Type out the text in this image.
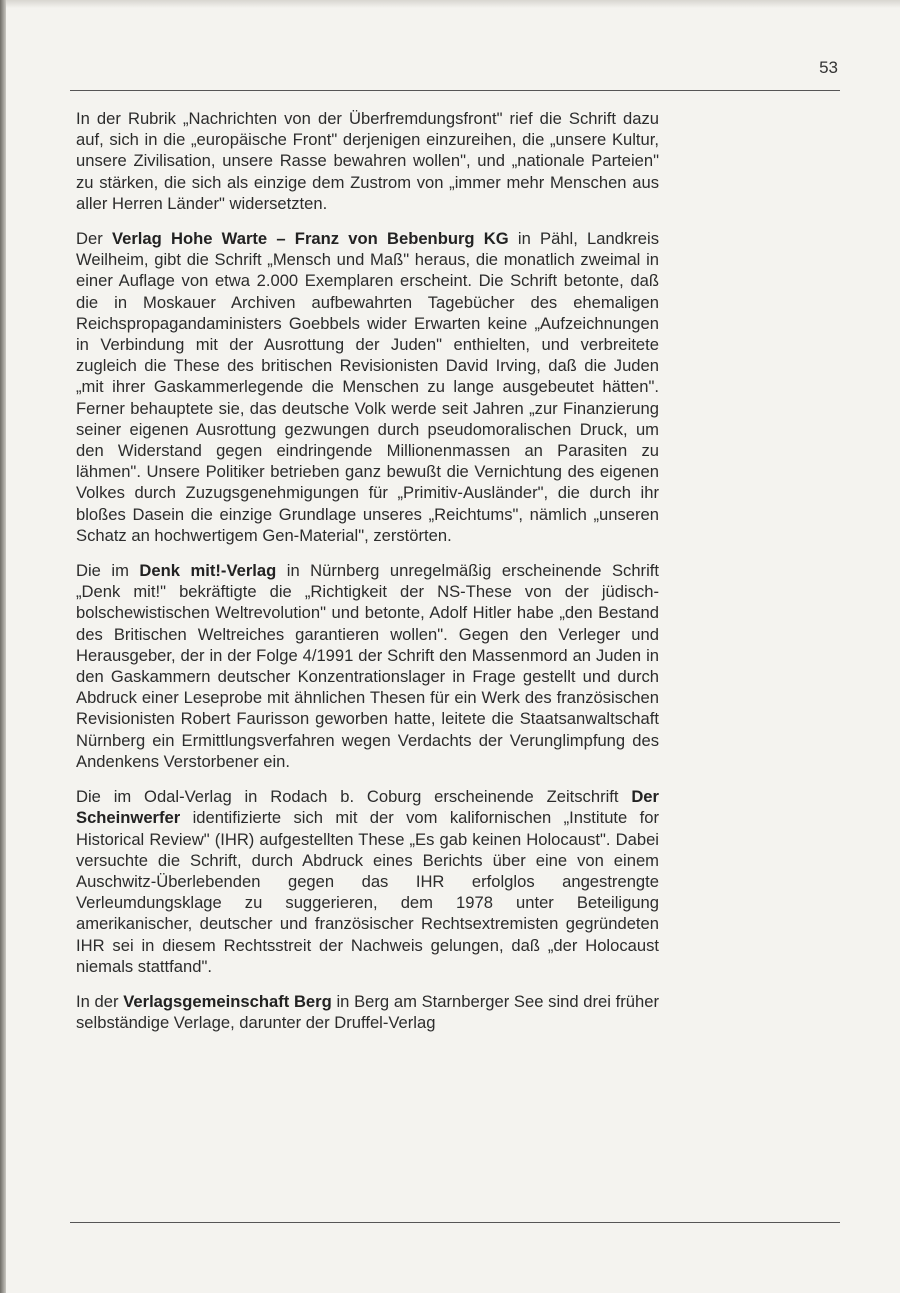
53

In der Rubrik „Nachrichten von der Überfremdungsfront" rief die Schrift dazu auf, sich in die „europäische Front" derjenigen einzureihen, die „unsere Kultur, unsere Zivilisation, unsere Rasse bewahren wollen", und „nationale Parteien" zu stärken, die sich als einzige dem Zustrom von „immer mehr Menschen aus aller Herren Länder" widersetzten.

Der Verlag Hohe Warte – Franz von Bebenburg KG in Pähl, Landkreis Weilheim, gibt die Schrift „Mensch und Maß" heraus, die monatlich zweimal in einer Auflage von etwa 2.000 Exemplaren erscheint. Die Schrift betonte, daß die in Moskauer Archiven aufbewahrten Tagebücher des ehemaligen Reichspropagandaministers Goebbels wider Erwarten keine „Aufzeichnungen in Verbindung mit der Ausrottung der Juden" enthielten, und verbreitete zugleich die These des britischen Revisionisten David Irving, daß die Juden „mit ihrer Gaskammerlegende die Menschen zu lange ausgebeutet hätten". Ferner behauptete sie, das deutsche Volk werde seit Jahren „zur Finanzierung seiner eigenen Ausrottung gezwungen durch pseudomoralischen Druck, um den Widerstand gegen eindringende Millionenmassen an Parasiten zu lähmen". Unsere Politiker betrieben ganz bewußt die Vernichtung des eigenen Volkes durch Zuzugsgenehmigungen für „Primitiv-Ausländer", die durch ihr bloßes Dasein die einzige Grundlage unseres „Reichtums", nämlich „unseren Schatz an hochwertigem Gen-Material", zerstörten.

Die im Denk mit!-Verlag in Nürnberg unregelmäßig erscheinende Schrift „Denk mit!" bekräftigte die „Richtigkeit der NS-These von der jüdisch-bolschewistischen Weltrevolution" und betonte, Adolf Hitler habe „den Bestand des Britischen Weltreiches garantieren wollen". Gegen den Verleger und Herausgeber, der in der Folge 4/1991 der Schrift den Massenmord an Juden in den Gaskammern deutscher Konzentrationslager in Frage gestellt und durch Abdruck einer Leseprobe mit ähnlichen Thesen für ein Werk des französischen Revisionisten Robert Faurisson geworben hatte, leitete die Staatsanwaltschaft Nürnberg ein Ermittlungsverfahren wegen Verdachts der Verunglimpfung des Andenkens Verstorbener ein.

Die im Odal-Verlag in Rodach b. Coburg erscheinende Zeitschrift Der Scheinwerfer identifizierte sich mit der vom kalifornischen „Institute for Historical Review" (IHR) aufgestellten These „Es gab keinen Holocaust". Dabei versuchte die Schrift, durch Abdruck eines Berichts über eine von einem Auschwitz-Überlebenden gegen das IHR erfolglos angestrengte Verleumdungsklage zu suggerieren, dem 1978 unter Beteiligung amerikanischer, deutscher und französischer Rechtsextremisten gegründeten IHR sei in diesem Rechtsstreit der Nachweis gelungen, daß „der Holocaust niemals stattfand".

In der Verlagsgemeinschaft Berg in Berg am Starnberger See sind drei früher selbständige Verlage, darunter der Druffel-Verlag
